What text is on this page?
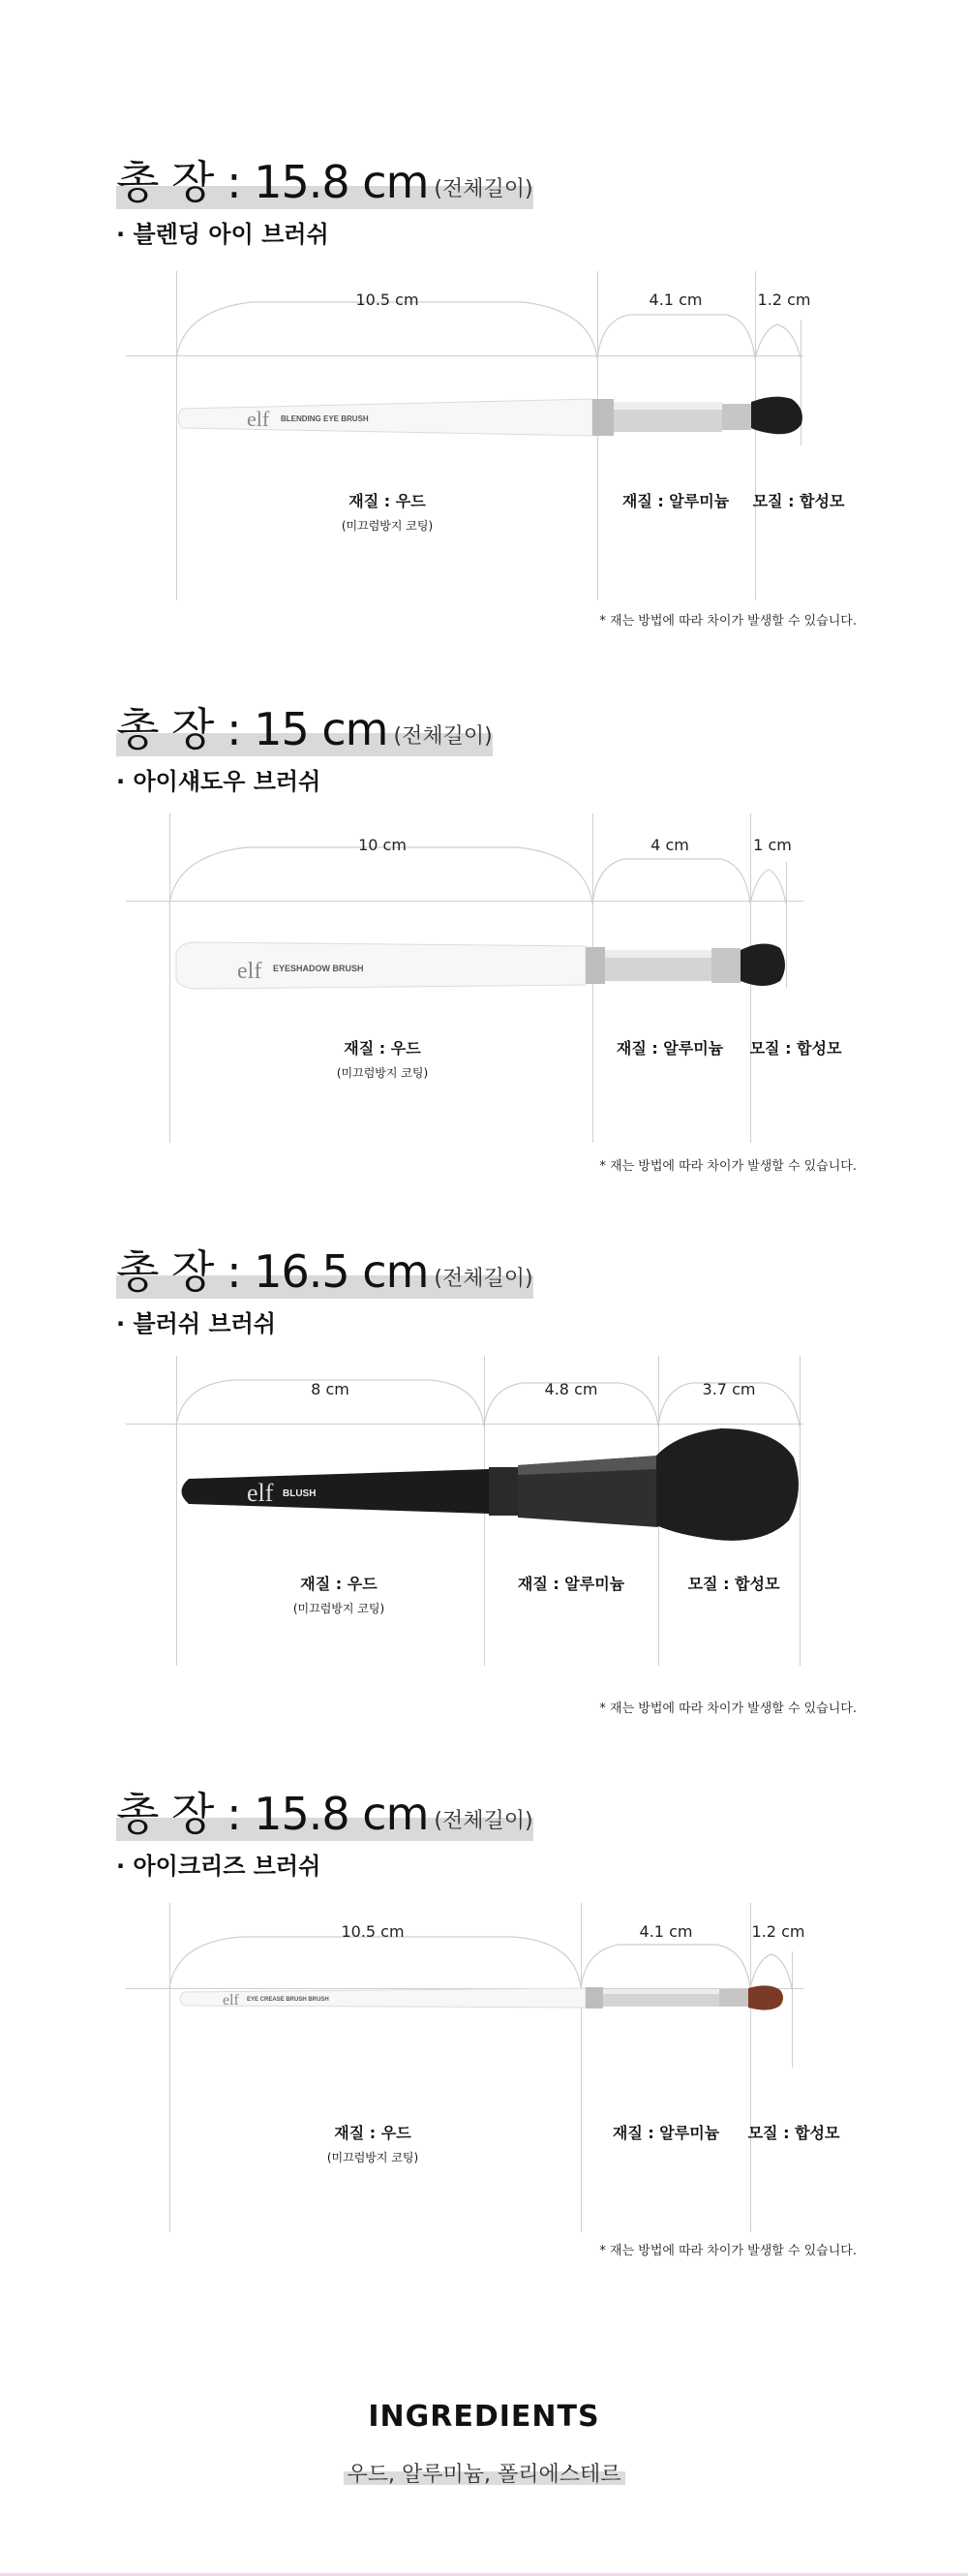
총 장 : 15.8 cm (전체길이)
· 블렌딩 아이 브러쉬
10.5 cm	4.1 cm	1.2 cm
elf BLENDING EYE BRUSH
재질 : 우드
(미끄럼방지 코팅)
재질 : 알루미늄 모질 : 합성모
* 재는 방법에 따라 차이가 발생할 수 있습니다.
총 장 : 15 cm (전체길이)
· 아이섀도우 브러쉬
10 cm	4 cm	1 cm
elf EYESHADOW BRUSH
재질 : 우드
(미끄럼방지 코팅)
재질 : 알루미늄 모질 : 합성모
* 재는 방법에 따라 차이가 발생할 수 있습니다.
총 장 : 16.5 cm (전체길이)
· 블러쉬 브러쉬
8 cm	4.8 cm	3.7 cm
elf BLUSH
재질 : 우드
(미끄럼방지 코팅)
재질 : 알루미늄	모질 : 합성모
* 재는 방법에 따라 차이가 발생할 수 있습니다.
총 장 : 15.8 cm (전체길이)
· 아이크리즈 브러쉬
10.5 cm	4.1 cm	1.2 cm
elf EYE CREASE BRUSH BRUSH
재질 : 우드
(미끄럼방지 코팅)
재질 : 알루미늄 모질 : 합성모
* 재는 방법에 따라 차이가 발생할 수 있습니다.
INGREDIENTS
우드, 알루미늄, 폴리에스테르
